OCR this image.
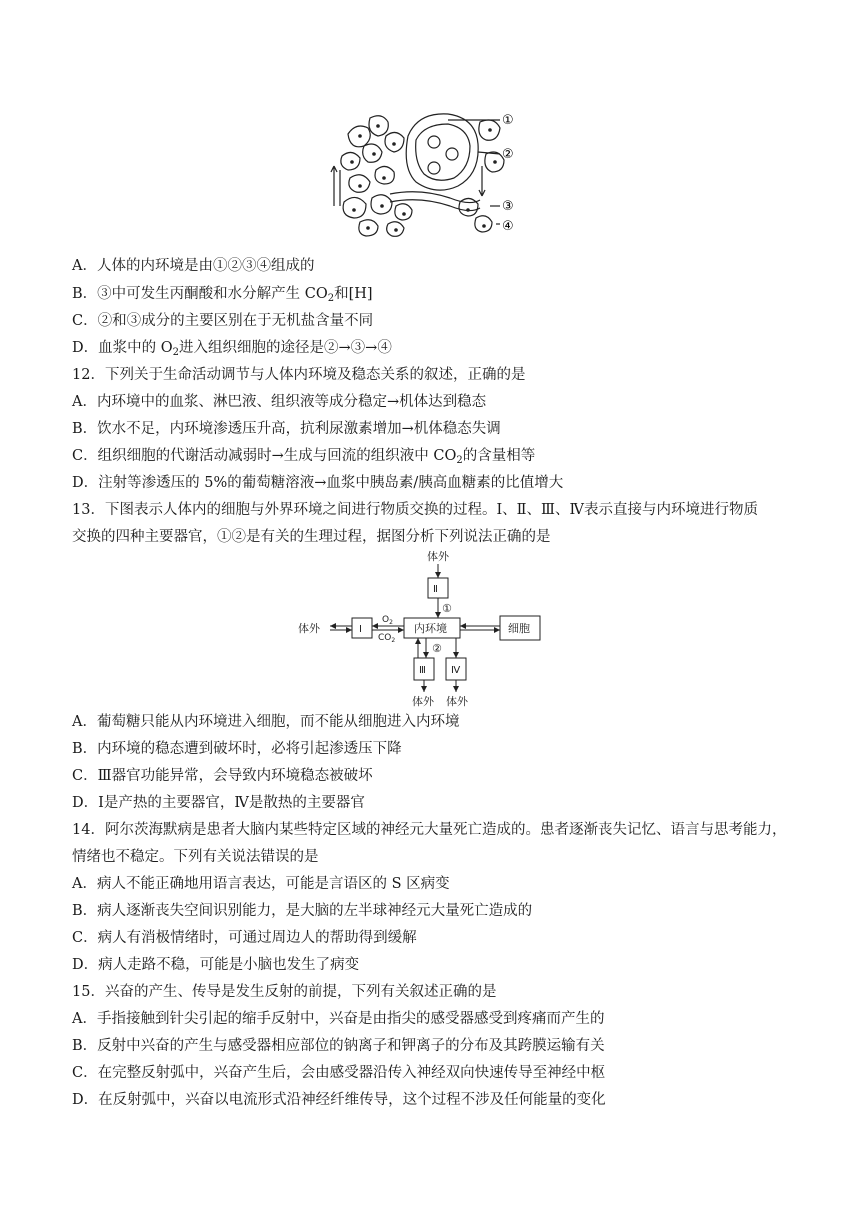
①
②
③
④
A．人体的内环境是由①②③④组成的
B．③中可发生丙酮酸和水分解产生 $CO_2$和[H]
C．②和③成分的主要区别在于无机盐含量不同
D．血浆中的 $O_2$进入组织细胞的途径是②→③→④
12．下列关于生命活动调节与人体内环境及稳态关系的叙述，正确的是
A．内环境中的血浆、淋巴液、组织液等成分稳定→机体达到稳态
B．饮水不足，内环境渗透压升高，抗利尿激素增加→机体稳态失调
C．组织细胞的代谢活动减弱时→生成与回流的组织液中 $CO_2$的含量相等
D．注射等渗透压的 5%的葡萄糖溶液→血浆中胰岛素/胰高血糖素的比值增大
13．下图表示人体内的细胞与外界环境之间进行物质交换的过程。Ⅰ、Ⅱ、Ⅲ、Ⅳ表示直接与内环境进行物质
交换的四种主要器官，①②是有关的生理过程，据图分析下列说法正确的是
体外
Ⅱ
①
体外	Ⅰ
$O_2$
$CO_2$
内环境	细胞
②
Ⅲ	Ⅳ
体外 体外
A．葡萄糖只能从内环境进入细胞，而不能从细胞进入内环境
B．内环境的稳态遭到破坏时，必将引起渗透压下降
C．Ⅲ器官功能异常，会导致内环境稳态被破坏
D．Ⅰ是产热的主要器官，Ⅳ是散热的主要器官
14．阿尔茨海默病是患者大脑内某些特定区域的神经元大量死亡造成的。患者逐渐丧失记忆、语言与思考能力，
情绪也不稳定。下列有关说法错误的是
A．病人不能正确地用语言表达，可能是言语区的 S 区病变
B．病人逐渐丧失空间识别能力，是大脑的左半球神经元大量死亡造成的
C．病人有消极情绪时，可通过周边人的帮助得到缓解
D．病人走路不稳，可能是小脑也发生了病变
15．兴奋的产生、传导是发生反射的前提，下列有关叙述正确的是
A．手指接触到针尖引起的缩手反射中，兴奋是由指尖的感受器感受到疼痛而产生的
B．反射中兴奋的产生与感受器相应部位的钠离子和钾离子的分布及其跨膜运输有关
C．在完整反射弧中，兴奋产生后，会由感受器沿传入神经双向快速传导至神经中枢
D．在反射弧中，兴奋以电流形式沿神经纤维传导，这个过程不涉及任何能量的变化
